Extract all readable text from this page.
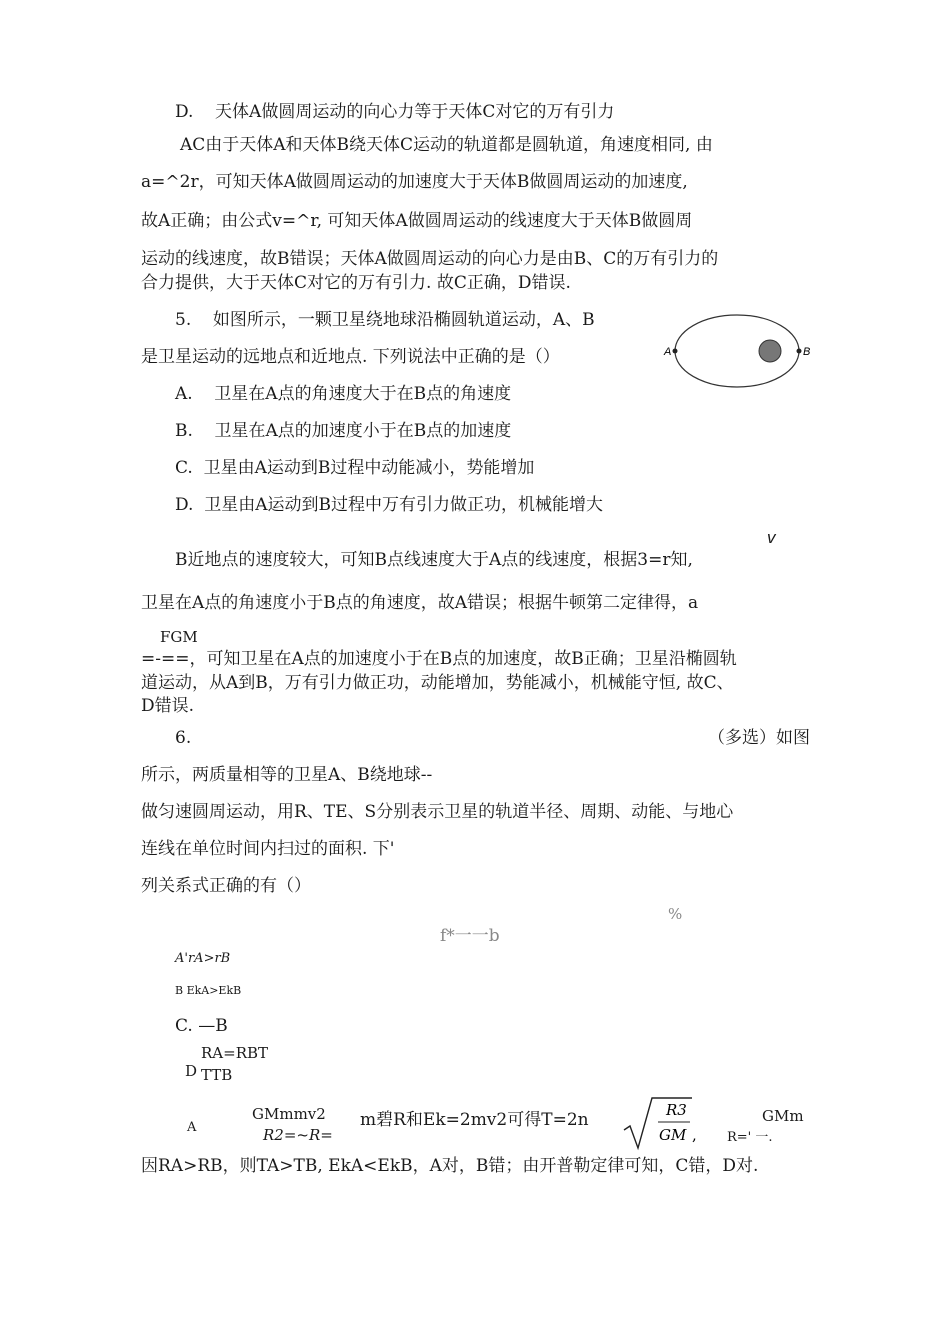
D.    天体A做圆周运动的向心力等于天体C对它的万有引力
AC由于天体A和天体B绕天体C运动的轨道都是圆轨道，角速度相同, 由
a=^2r，可知天体A做圆周运动的加速度大于天体B做圆周运动的加速度,
故A正确；由公式v=^r, 可知天体A做圆周运动的线速度大于天体B做圆周
运动的线速度，故B错误；天体A做圆周运动的向心力是由B、C的万有引力的
合力提供，大于天体C对它的万有引力. 故C正确，D错误.
5.    如图所示，一颗卫星绕地球沿椭圆轨道运动，A、B
是卫星运动的远地点和近地点. 下列说法中正确的是（）	A	B
A.    卫星在A点的角速度大于在B点的角速度
B.    卫星在A点的加速度小于在B点的加速度
C.  卫星由A运动到B过程中动能减小，势能增加
D.  卫星由A运动到B过程中万有引力做正功，机械能增大
v
B近地点的速度较大，可知B点线速度大于A点的线速度，根据3=r知,
卫星在A点的角速度小于B点的角速度，故A错误；根据牛顿第二定律得，a
FGM
=-==，可知卫星在A点的加速度小于在B点的加速度，故B正确；卫星沿椭圆轨
道运动，从A到B，万有引力做正功，动能增加，势能减小，机械能守恒, 故C、
D错误.
6.	（多选）如图
所示，两质量相等的卫星A、B绕地球--
做匀速圆周运动，用R、TE、S分别表示卫星的轨道半径、周期、动能、与地心
连线在单位时间内扫过的面积. 下'
列关系式正确的有（）
%
f*一一b
A'rA>rB
B EkA>EkB
C. —B
RA=RBT
D TTB
A
GMmmv2
R2=~R=
m碧R和Ek=2mv2可得T=2n	R3
GM ,
GMm
R=' 一.
因RA>RB，则TA>TB, EkA<EkB，A对，B错；由开普勒定律可知，C错，D对.
